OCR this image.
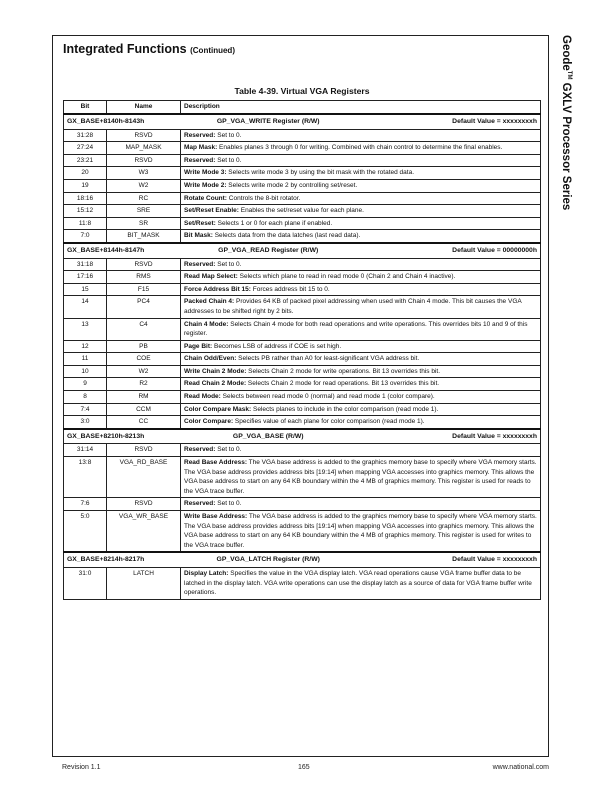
Integrated Functions (Continued)	Geode™ GXLV Processor Series
Table 4-39. Virtual VGA Registers
Bit	Name	Description

GX_BASE+8140h-8143h GP_VGA_WRITE Register (R/W) Default Value = xxxxxxxxh		

31:28	RSVD	Reserved: Set to 0.
27:24	MAP_MASK	Map Mask: Enables planes 3 through 0 for writing. Combined with chain control to determine the final enables.
23:21	RSVD	Reserved: Set to 0.
20	W3	Write Mode 3: Selects write mode 3 by using the bit mask with the rotated data.
19	W2	Write Mode 2: Selects write mode 2 by controlling set/reset.
18:16	RC	Rotate Count: Controls the 8-bit rotator.
15:12	SRE	Set/Reset Enable: Enables the set/reset value for each plane.
11:8	SR	Set/Reset: Selects 1 or 0 for each plane if enabled.
7:0	BIT_MASK	Bit Mask: Selects data from the data latches (last read data).

GX_BASE+8144h-8147h GP_VGA_READ Register (R/W) Default Value = 00000000h		

31:18	RSVD	Reserved: Set to 0.
17:16	RMS	Read Map Select: Selects which plane to read in read mode 0 (Chain 2 and Chain 4 inactive).
15	F15	Force Address Bit 15: Forces address bit 15 to 0.
14	PC4	Packed Chain 4: Provides 64 KB of packed pixel addressing when used with Chain 4 mode. This bit causes the VGA addresses to be shifted right by 2 bits.
13	C4	Chain 4 Mode: Selects Chain 4 mode for both read operations and write operations. This overrides bits 10 and 9 of this register.
12	PB	Page Bit: Becomes LSB of address if COE is set high.
11	COE	Chain Odd/Even: Selects PB rather than A0 for least-significant VGA address bit.
10	W2	Write Chain 2 Mode: Selects Chain 2 mode for write operations. Bit 13 overrides this bit.
9	R2	Read Chain 2 Mode: Selects Chain 2 mode for read operations. Bit 13 overrides this bit.
8	RM	Read Mode: Selects between read mode 0 (normal) and read mode 1 (color compare).
7:4	CCM	Color Compare Mask: Selects planes to include in the color comparison (read mode 1).
3:0	CC	Color Compare: Specifies value of each plane for color comparison (read mode 1).

GX_BASE+8210h-8213h GP_VGA_BASE (R/W) Default Value = xxxxxxxxh		

31:14	RSVD	Reserved: Set to 0.
13:8	VGA_RD_BASE	Read Base Address: The VGA base address is added to the graphics memory base to specify where VGA memory starts. The VGA base address provides address bits [19:14] when mapping VGA accesses into graphics memory. This allows the VGA base address to start on any 64 KB boundary within the 4 MB of graphics memory. This register is used for reads to the VGA trace buffer.
7:6	RSVD	Reserved: Set to 0.
5:0	VGA_WR_BASE	Write Base Address: The VGA base address is added to the graphics memory base to specify where VGA memory starts. The VGA base address provides address bits [19:14] when mapping VGA accesses into graphics memory. This allows the VGA base address to start on any 64 KB boundary within the 4 MB of graphics memory. This register is used for writes to the VGA trace buffer.

GX_BASE+8214h-8217h GP_VGA_LATCH Register (R/W) Default Value = xxxxxxxxh		

31:0	LATCH	Display Latch: Specifies the value in the VGA display latch. VGA read operations cause VGA frame buffer data to be latched in the display latch. VGA write operations can use the display latch as a source of data for VGA frame buffer write operations.
Revision 1.1	165	www.national.com
